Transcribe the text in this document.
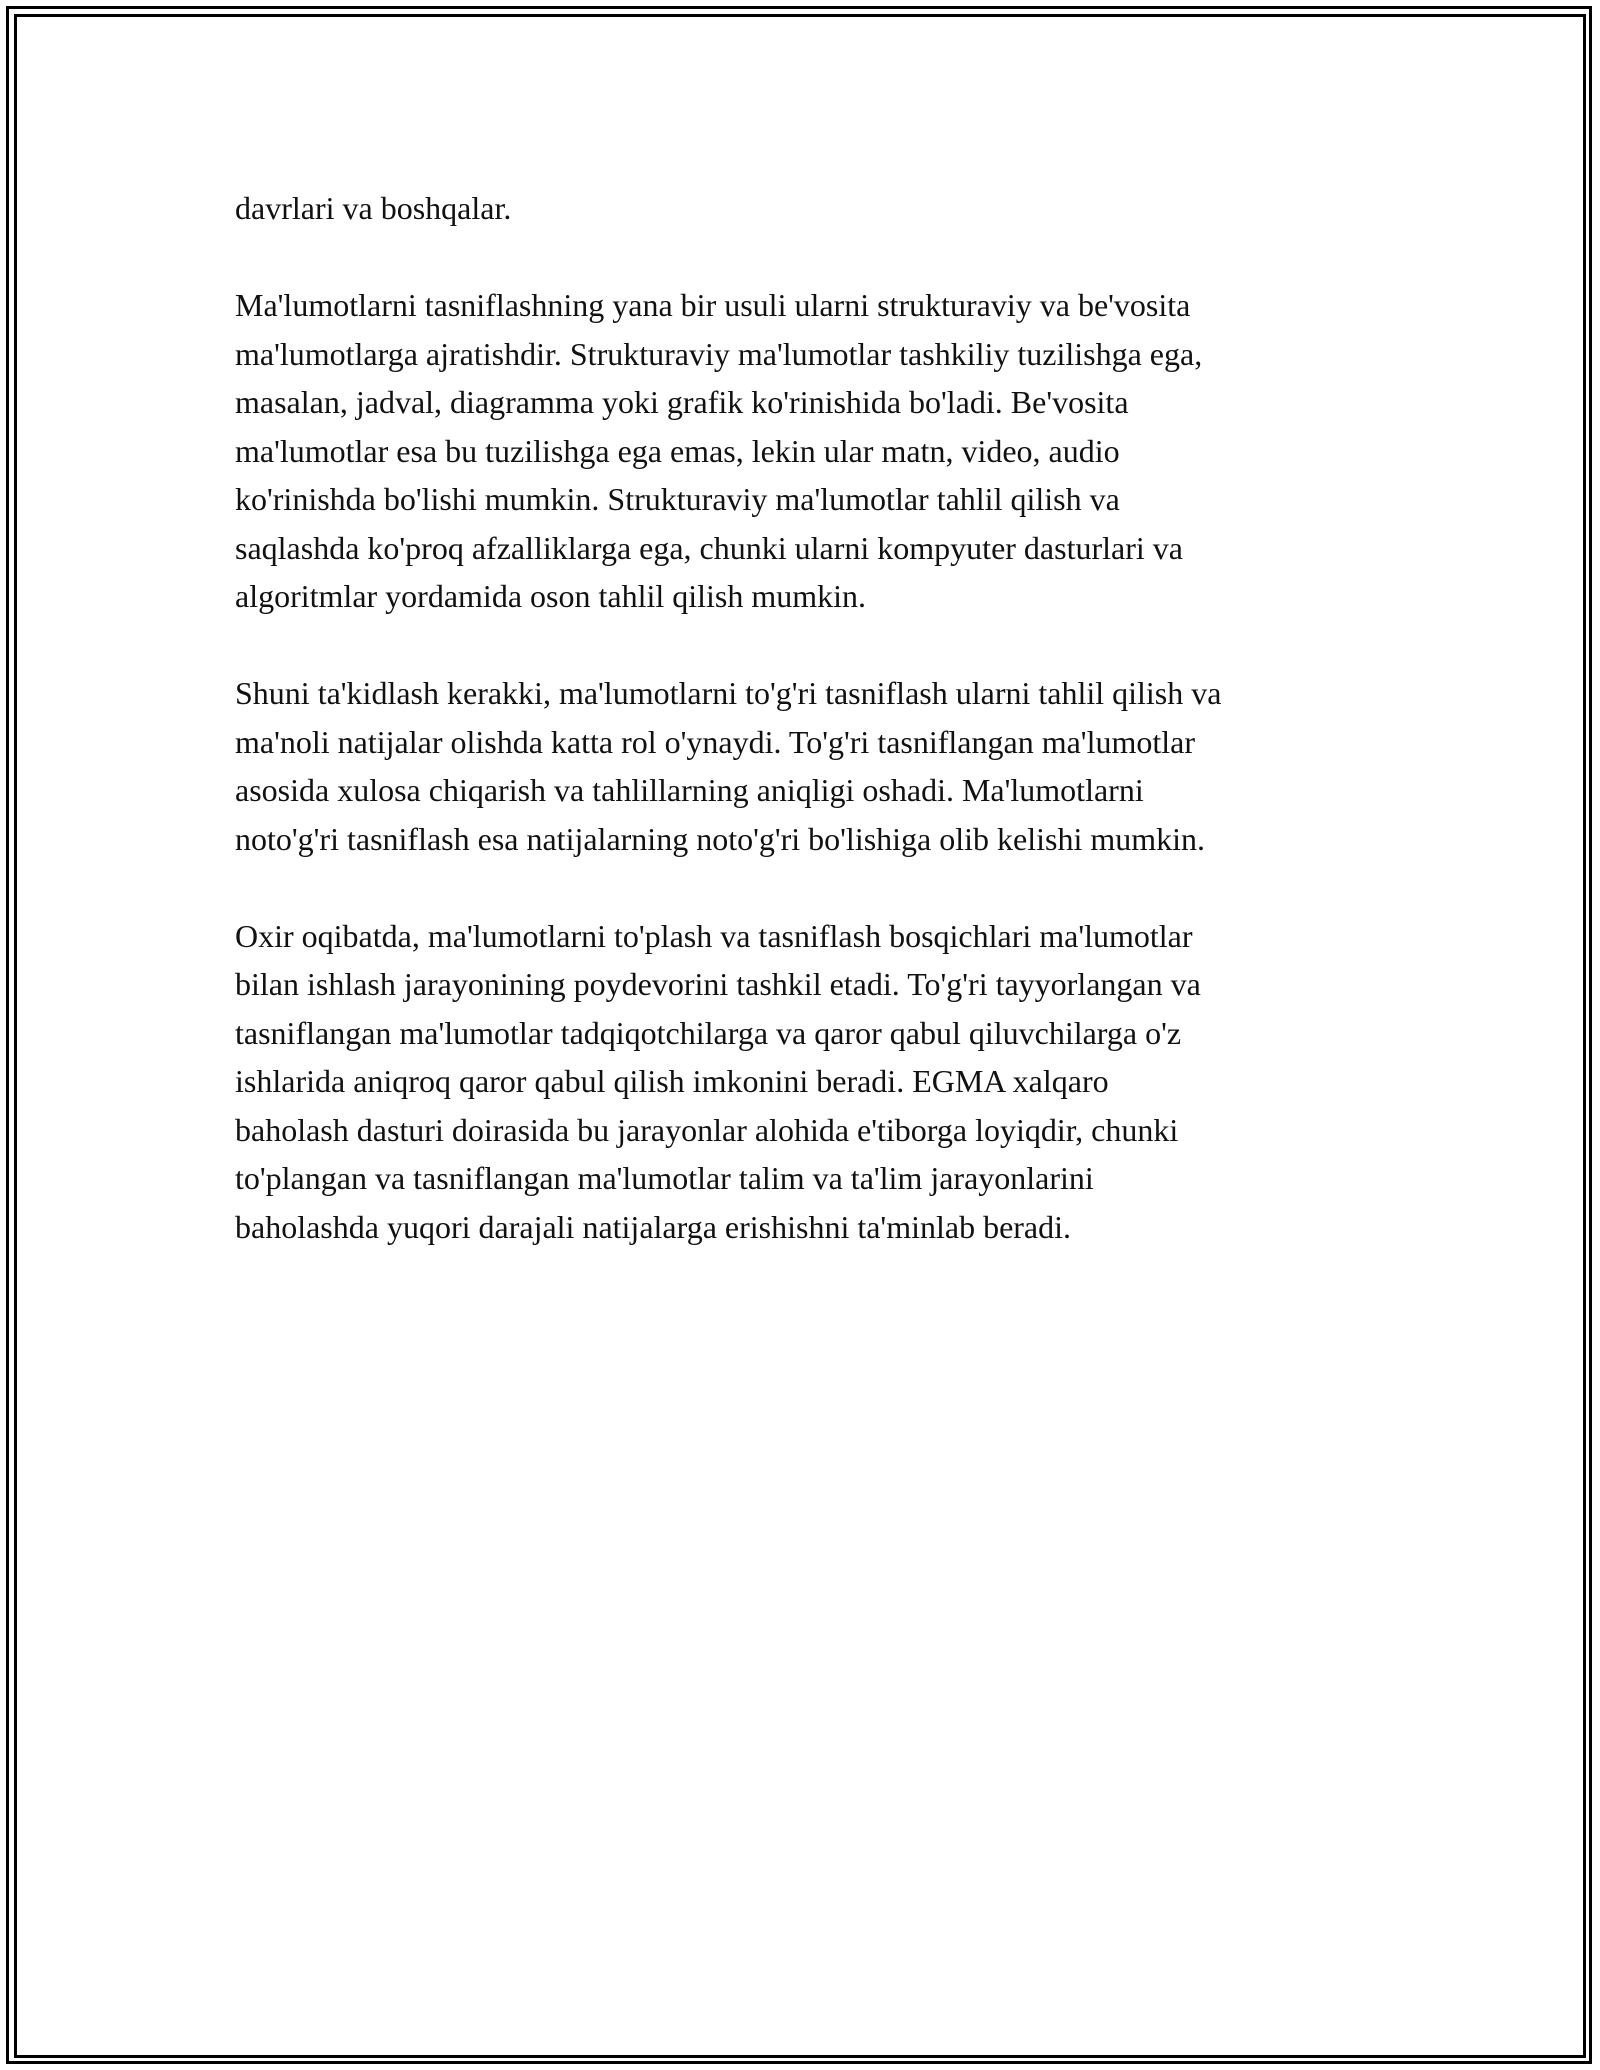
davrlari va boshqalar.

Ma'lumotlarni tasniflashning yana bir usuli ularni strukturaviy va be'vosita
ma'lumotlarga ajratishdir. Strukturaviy ma'lumotlar tashkiliy tuzilishga ega,
masalan, jadval, diagramma yoki grafik ko'rinishida bo'ladi. Be'vosita
ma'lumotlar esa bu tuzilishga ega emas, lekin ular matn, video, audio
ko'rinishda bo'lishi mumkin. Strukturaviy ma'lumotlar tahlil qilish va
saqlashda ko'proq afzalliklarga ega, chunki ularni kompyuter dasturlari va
algoritmlar yordamida oson tahlil qilish mumkin.

Shuni ta'kidlash kerakki, ma'lumotlarni to'g'ri tasniflash ularni tahlil qilish va
ma'noli natijalar olishda katta rol o'ynaydi. To'g'ri tasniflangan ma'lumotlar
asosida xulosa chiqarish va tahlillarning aniqligi oshadi. Ma'lumotlarni
noto'g'ri tasniflash esa natijalarning noto'g'ri bo'lishiga olib kelishi mumkin.

Oxir oqibatda, ma'lumotlarni to'plash va tasniflash bosqichlari ma'lumotlar
bilan ishlash jarayonining poydevorini tashkil etadi. To'g'ri tayyorlangan va
tasniflangan ma'lumotlar tadqiqotchilarga va qaror qabul qiluvchilarga o'z
ishlarida aniqroq qaror qabul qilish imkonini beradi. EGMA xalqaro
baholash dasturi doirasida bu jarayonlar alohida e'tiborga loyiqdir, chunki
to'plangan va tasniflangan ma'lumotlar talim va ta'lim jarayonlarini
baholashda yuqori darajali natijalarga erishishni ta'minlab beradi.
